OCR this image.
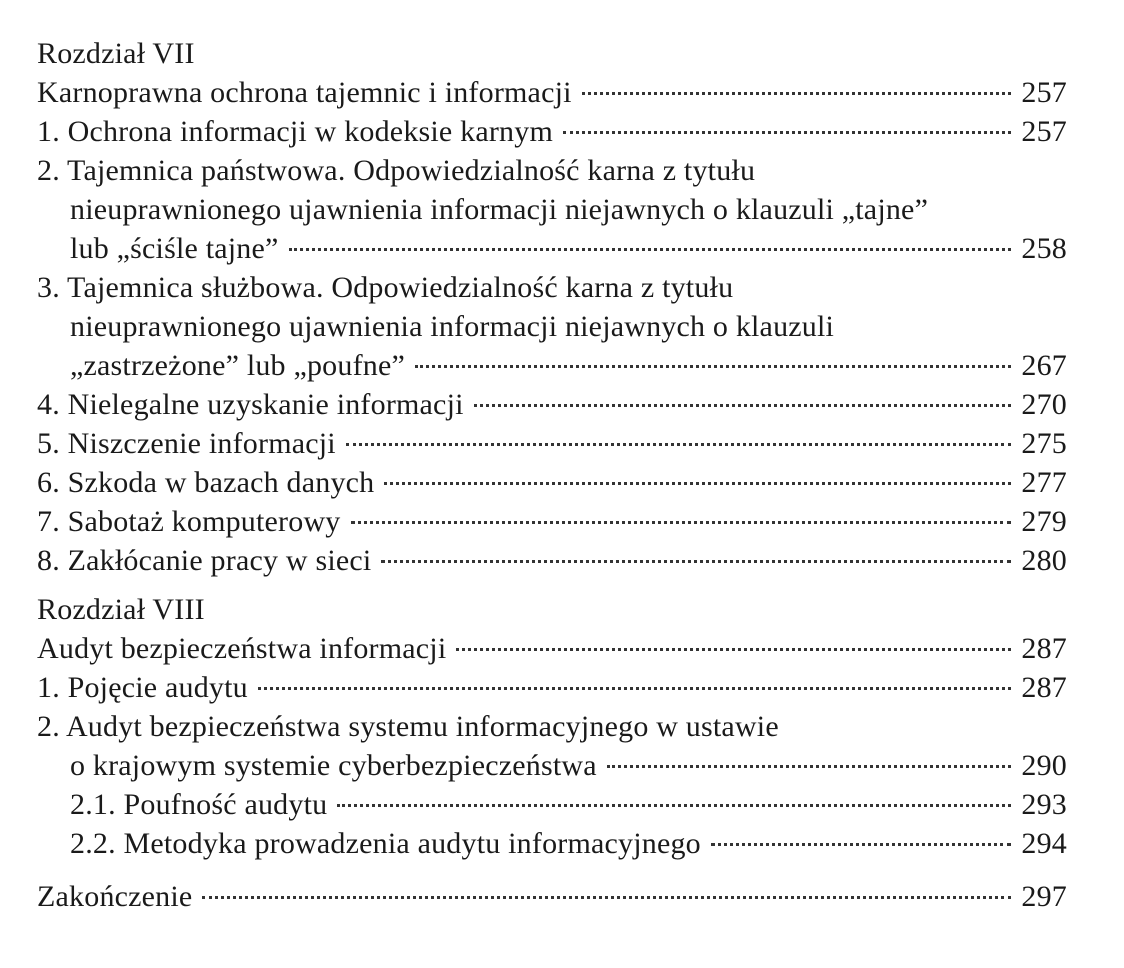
Rozdział VII
Karnoprawna ochrona tajemnic i informacji	257
1. Ochrona informacji w kodeksie karnym	257
2. Tajemnica państwowa. Odpowiedzialność karna z tytułu
nieuprawnionego ujawnienia informacji niejawnych o klauzuli „tajne”
lub „ściśle tajne”	258
3. Tajemnica służbowa. Odpowiedzialność karna z tytułu
nieuprawnionego ujawnienia informacji niejawnych o klauzuli
„zastrzeżone” lub „poufne”	267
4. Nielegalne uzyskanie informacji	270
5. Niszczenie informacji	275
6. Szkoda w bazach danych	277
7. Sabotaż komputerowy	279
8. Zakłócanie pracy w sieci	280
Rozdział VIII
Audyt bezpieczeństwa informacji	287
1. Pojęcie audytu	287
2. Audyt bezpieczeństwa systemu informacyjnego w ustawie
o krajowym systemie cyberbezpieczeństwa	290
2.1. Poufność audytu	293
2.2. Metodyka prowadzenia audytu informacyjnego	294
Zakończenie	297
